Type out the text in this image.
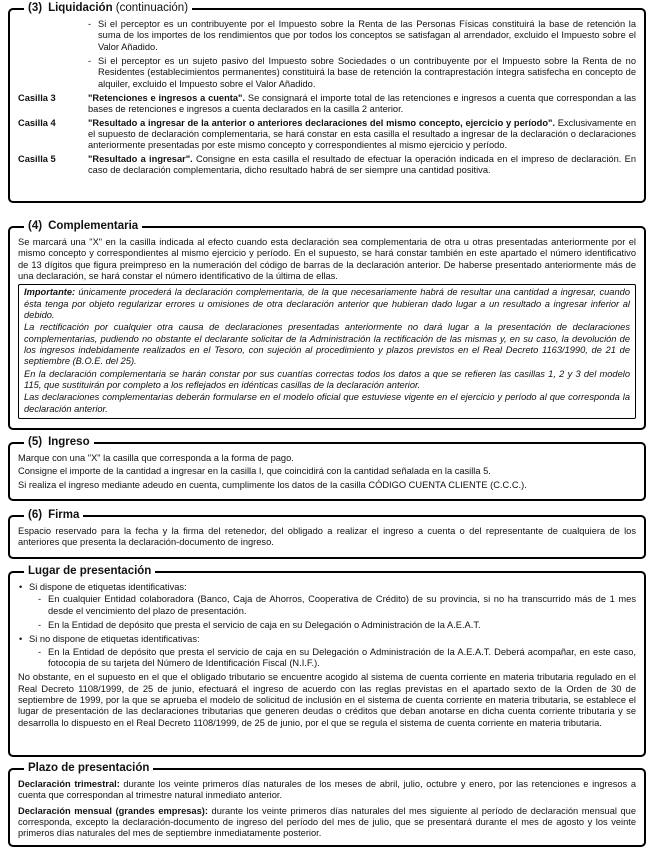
(3) Liquidación (continuación)
- Si el perceptor es un contribuyente por el Impuesto sobre la Renta de las Personas Físicas constituirá la base de retención la suma de los importes de los rendimientos que por todos los conceptos se satisfagan al arrendador, excluido el Impuesto sobre el Valor Añadido.
- Si el perceptor es un sujeto pasivo del Impuesto sobre Sociedades o un contribuyente por el Impuesto sobre la Renta de no Residentes (establecimientos permanentes) constituirá la base de retención la contraprestación íntegra satisfecha en concepto de alquiler, excluido el Impuesto sobre el Valor Añadido.
Casilla 3	"Retenciones e ingresos a cuenta". Se consignará el importe total de las retenciones e ingresos a cuenta que correspondan a las bases de retenciones e ingresos a cuenta declarados en la casilla 2 anterior.
Casilla 4	"Resultado a ingresar de la anterior o anteriores declaraciones del mismo concepto, ejercicio y período". Exclusivamente en el supuesto de declaración complementaria, se hará constar en esta casilla el resultado a ingresar de la declaración o declaraciones anteriormente presentadas por este mismo concepto y correspondientes al mismo ejercicio y período.
Casilla 5	"Resultado a ingresar". Consigne en esta casilla el resultado de efectuar la operación indicada en el impreso de declaración. En caso de declaración complementaria, dicho resultado habrá de ser siempre una cantidad positiva.
(4) Complementaria

Se marcará una "X" en la casilla indicada al efecto cuando esta declaración sea complementaria de otra u otras presentadas anteriormente por el mismo concepto y correspondientes al mismo ejercicio y período. En el supuesto, se hará constar también en este apartado el número identificativo de 13 dígitos que figura preimpreso en la numeración del código de barras de la declaración anterior. De haberse presentado anteriormente más de una declaración, se hará constar el número identificativo de la última de ellas.

Importante: únicamente procederá la declaración complementaria, de la que necesariamente habrá de resultar una cantidad a ingresar, cuando ésta tenga por objeto regularizar errores u omisiones de otra declaración anterior que hubieran dado lugar a un resultado a ingresar inferior al debido.

La rectificación por cualquier otra causa de declaraciones presentadas anteriormente no dará lugar a la presentación de declaraciones complementarias, pudiendo no obstante el declarante solicitar de la Administración la rectificación de las mismas y, en su caso, la devolución de los ingresos indebidamente realizados en el Tesoro, con sujeción al procedimiento y plazos previstos en el Real Decreto 1163/1990, de 21 de septiembre (B.O.E. del 25).

En la declaración complementaria se harán constar por sus cuantías correctas todos los datos a que se refieren las casillas 1, 2 y 3 del modelo 115, que sustituirán por completo a los reflejados en idénticas casillas de la declaración anterior.

Las declaraciones complementarias deberán formularse en el modelo oficial que estuviese vigente en el ejercicio y período al que corresponda la declaración anterior.

(5) Ingreso

Marque con una "X" la casilla que corresponda a la forma de pago.

Consigne el importe de la cantidad a ingresar en la casilla I, que coincidirá con la cantidad señalada en la casilla 5.

Si realiza el ingreso mediante adeudo en cuenta, cumplimente los datos de la casilla CÓDIGO CUENTA CLIENTE (C.C.C.).

(6) Firma

Espacio reservado para la fecha y la firma del retenedor, del obligado a realizar el ingreso a cuenta o del representante de cualquiera de los anteriores que presenta la declaración-documento de ingreso.

Lugar de presentación
• Si dispone de etiquetas identificativas:
- En cualquier Entidad colaboradora (Banco, Caja de Ahorros, Cooperativa de Crédito) de su provincia, si no ha transcurrido más de 1 mes desde el vencimiento del plazo de presentación.
- En la Entidad de depósito que presta el servicio de caja en su Delegación o Administración de la A.E.A.T.
• Si no dispone de etiquetas identificativas:
- En la Entidad de depósito que presta el servicio de caja en su Delegación o Administración de la A.E.A.T. Deberá acompañar, en este caso, fotocopia de su tarjeta del Número de Identificación Fiscal (N.I.F.).

No obstante, en el supuesto en el que el obligado tributario se encuentre acogido al sistema de cuenta corriente en materia tributaria regulado en el Real Decreto 1108/1999, de 25 de junio, efectuará el ingreso de acuerdo con las reglas previstas en el apartado sexto de la Orden de 30 de septiembre de 1999, por la que se aprueba el modelo de solicitud de inclusión en el sistema de cuenta corriente en materia tributaria, se establece el lugar de presentación de las declaraciones tributarias que generen deudas o créditos que deban anotarse en dicha cuenta corriente tributaria y se desarrolla lo dispuesto en el Real Decreto 1108/1999, de 25 de junio, por el que se regula el sistema de cuenta corriente en materia tributaria.

Plazo de presentación

Declaración trimestral: durante los veinte primeros días naturales de los meses de abril, julio, octubre y enero, por las retenciones e ingresos a cuenta que correspondan al trimestre natural inmediato anterior.

Declaración mensual (grandes empresas): durante los veinte primeros días naturales del mes siguiente al período de declaración mensual que corresponda, excepto la declaración-documento de ingreso del período del mes de julio, que se presentará durante el mes de agosto y los veinte primeros días naturales del mes de septiembre inmediatamente posterior.
